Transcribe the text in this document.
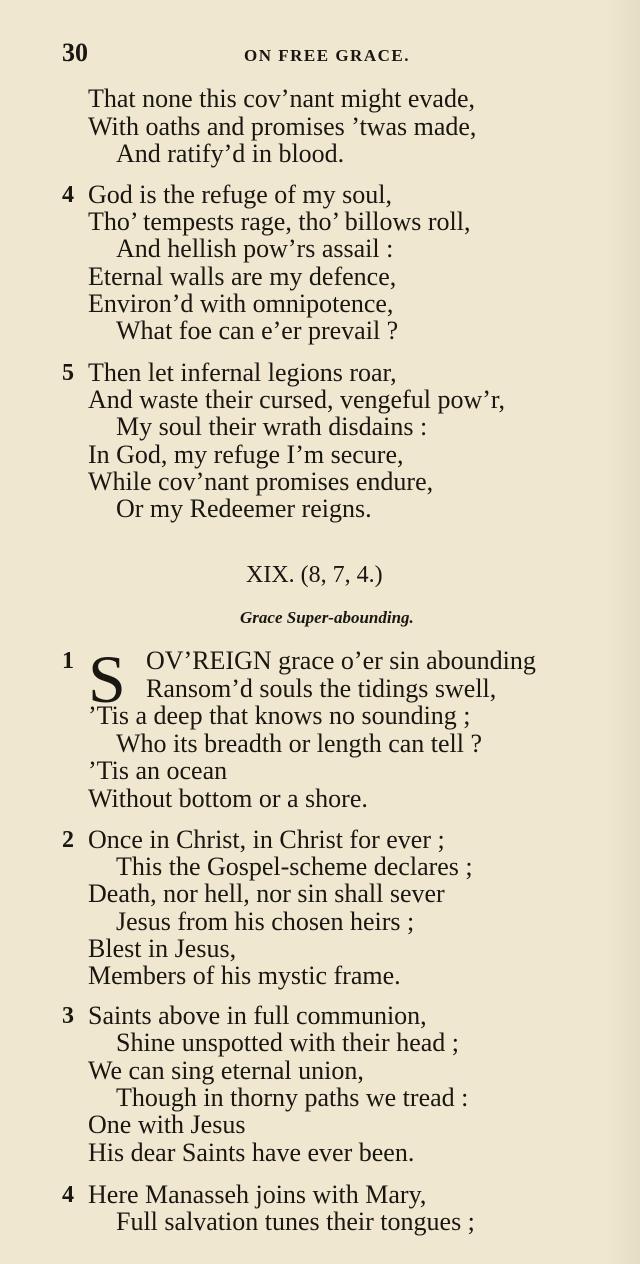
30	ON FREE GRACE.
That none this cov’nant might evade,
With oaths and promises ’twas made,
And ratify’d in blood.
4 God is the refuge of my soul,
Tho’ tempests rage, tho’ billows roll,
And hellish pow’rs assail :
Eternal walls are my defence,
Environ’d with omnipotence,
What foe can e’er prevail ?
5 Then let infernal legions roar,
And waste their cursed, vengeful pow’r,
My soul their wrath disdains :
In God, my refuge I’m secure,
While cov’nant promises endure,
Or my Redeemer reigns.
XIX. (8, 7, 4.)
Grace Super-abounding.
1 S OV’REIGN grace o’er sin abounding
Ransom’d souls the tidings swell,
’Tis a deep that knows no sounding ;
Who its breadth or length can tell ?
’Tis an ocean
Without bottom or a shore.
2 Once in Christ, in Christ for ever ;
This the Gospel-scheme declares ;
Death, nor hell, nor sin shall sever
Jesus from his chosen heirs ;
Blest in Jesus,
Members of his mystic frame.
3 Saints above in full communion,
Shine unspotted with their head ;
We can sing eternal union,
Though in thorny paths we tread :
One with Jesus
His dear Saints have ever been.
4 Here Manasseh joins with Mary,
Full salvation tunes their tongues ;
